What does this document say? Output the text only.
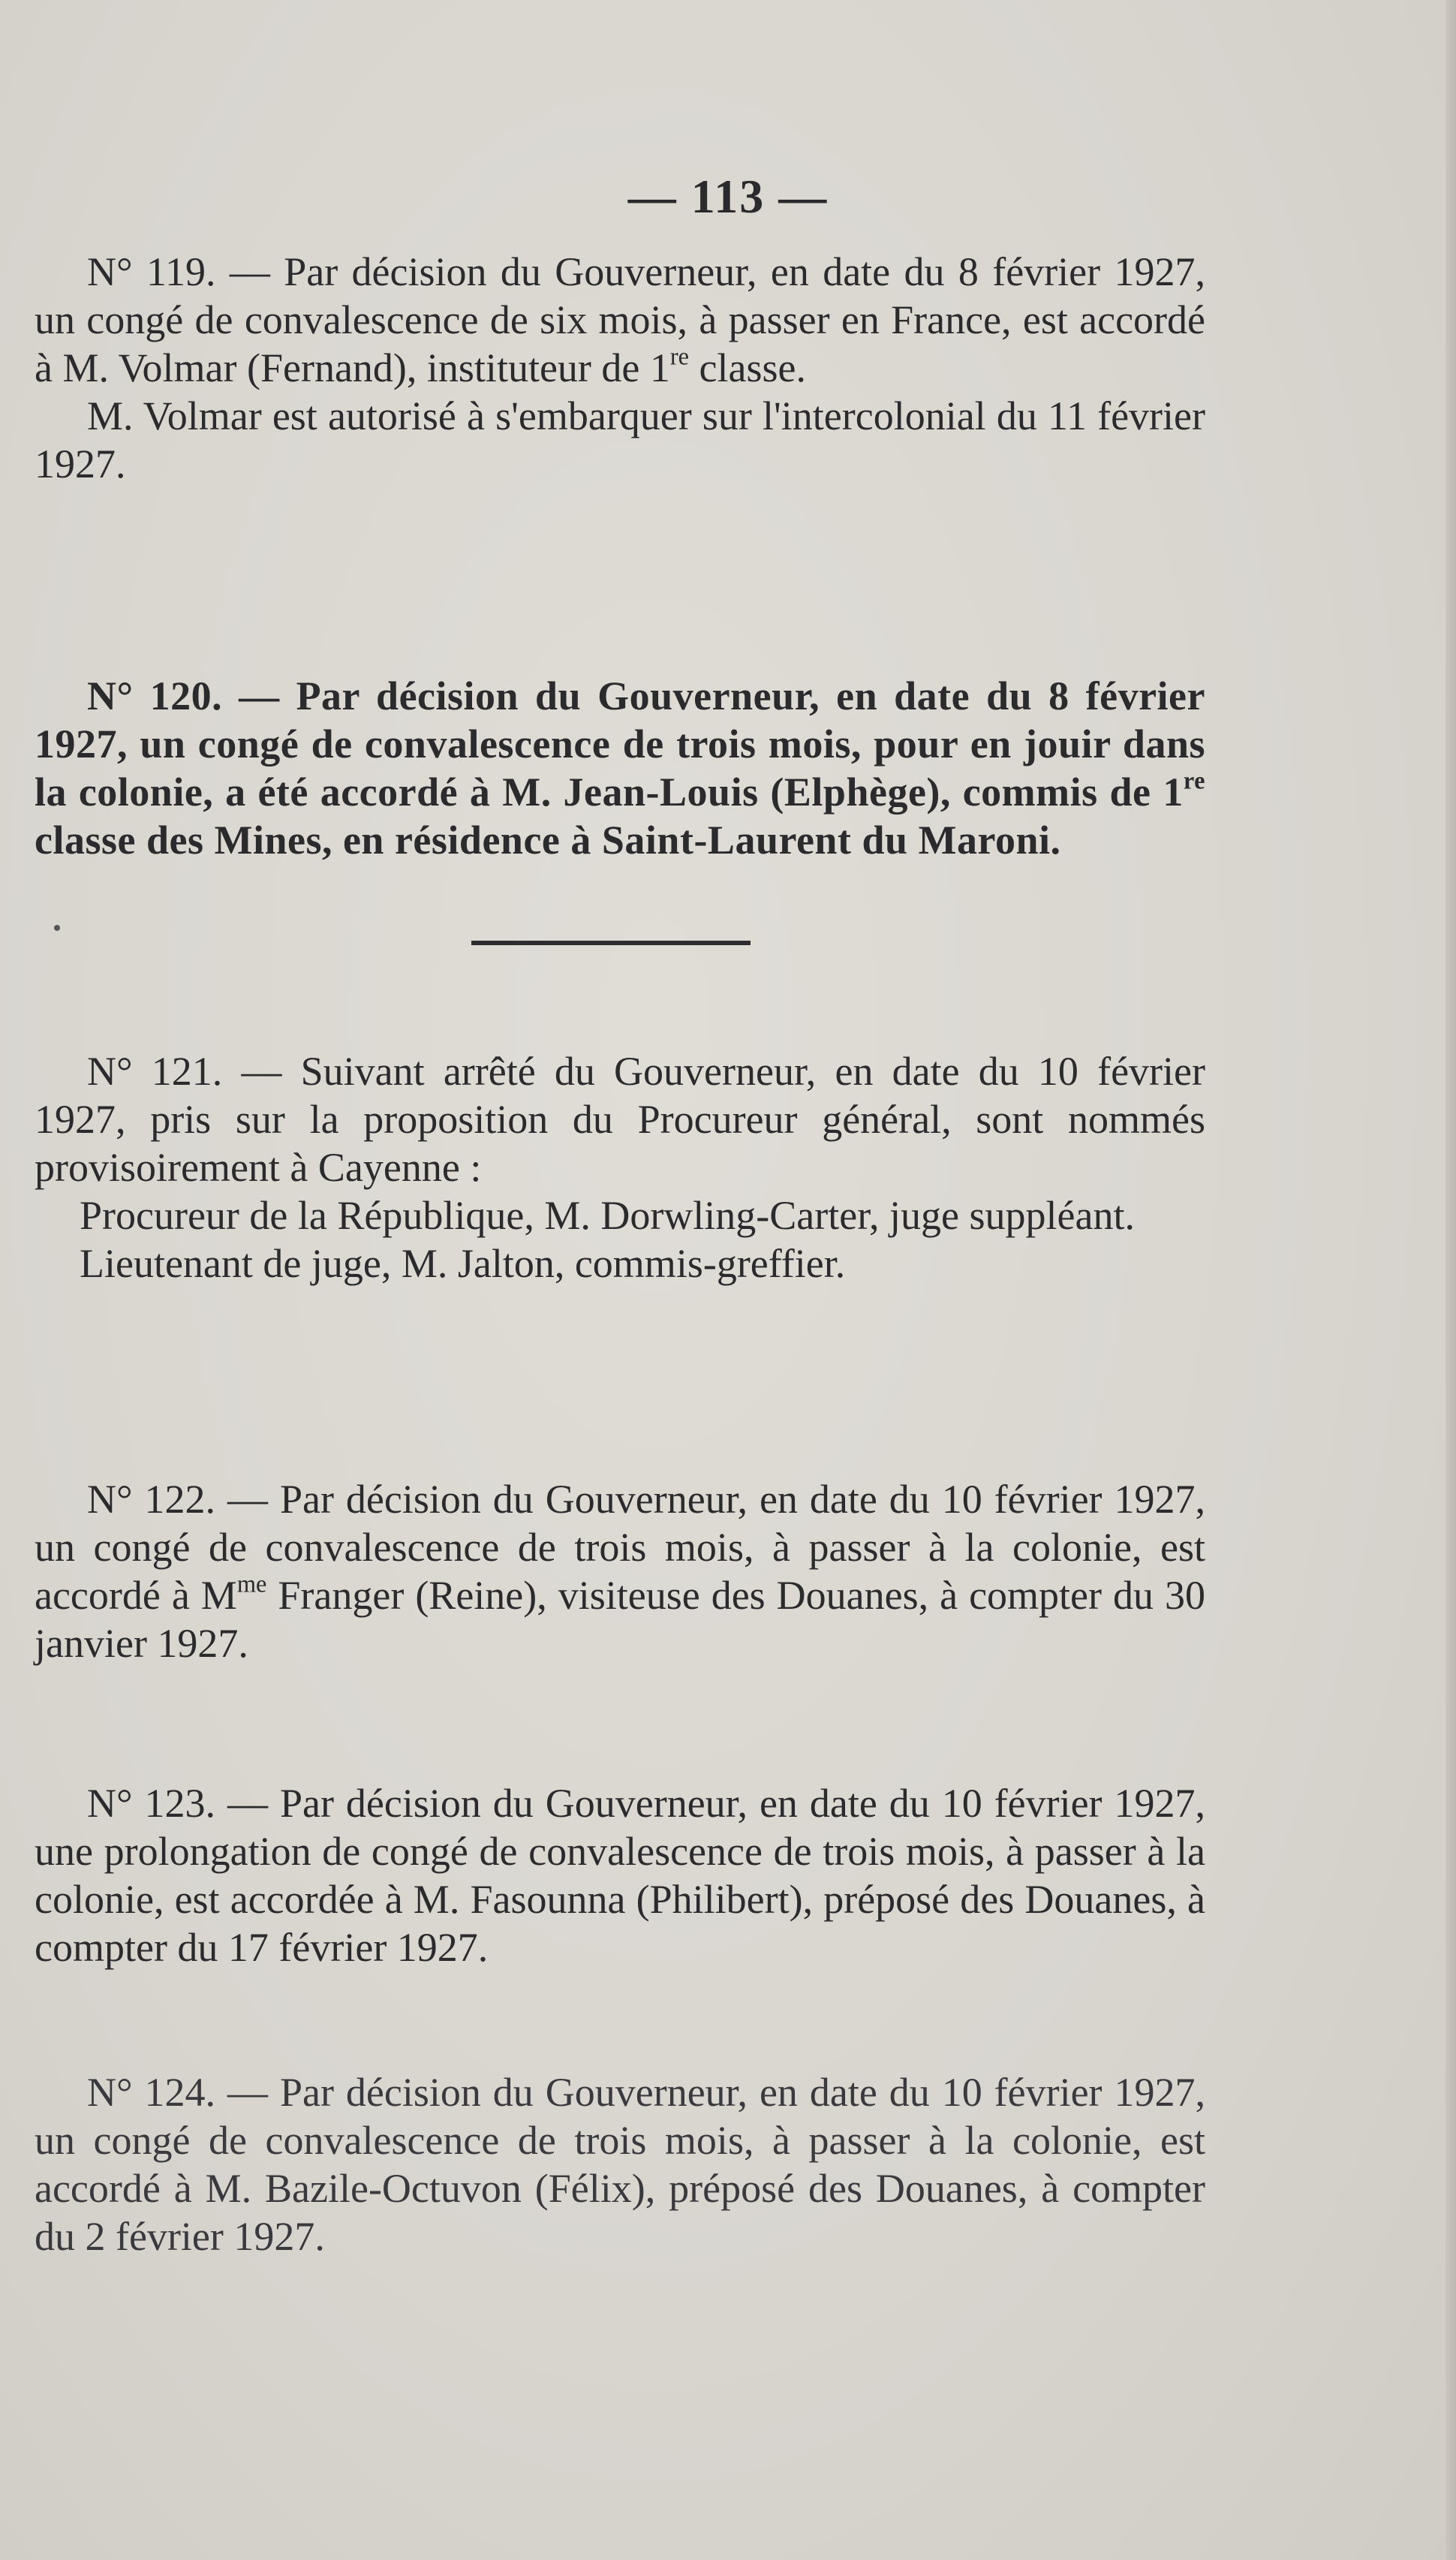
— 113 —

N° 119. — Par décision du Gouverneur, en date du 8 février 1927, un congé de convalescence de six mois, à passer en France, est accordé à M. Volmar (Fernand), instituteur de 1re classe.

M. Volmar est autorisé à s'embarquer sur l'intercolonial du 11 février 1927.

N° 120. — Par décision du Gouverneur, en date du 8 février 1927, un congé de convalescence de trois mois, pour en jouir dans la colonie, a été accordé à M. Jean-Louis (Elphège), commis de 1re classe des Mines, en résidence à Saint-Laurent du Maroni.

N° 121. — Suivant arrêté du Gouverneur, en date du 10 février 1927, pris sur la proposition du Procureur général, sont nommés provisoirement à Cayenne :

Procureur de la République, M. Dorwling-Carter, juge suppléant.

Lieutenant de juge, M. Jalton, commis-greffier.

N° 122. — Par décision du Gouverneur, en date du 10 février 1927, un congé de convalescence de trois mois, à passer à la colonie, est accordé à $M^{me}$ Franger (Reine), visiteuse des Douanes, à compter du 30 janvier 1927.

N° 123. — Par décision du Gouverneur, en date du 10 février 1927, une prolongation de congé de convalescence de trois mois, à passer à la colonie, est accordée à M. Fasounna (Philibert), préposé des Douanes, à compter du 17 février 1927.

N° 124. — Par décision du Gouverneur, en date du 10 février 1927, un congé de convalescence de trois mois, à passer à la colonie, est accordé à M. Bazile-Octuvon (Félix), préposé des Douanes, à compter du 2 février 1927.
